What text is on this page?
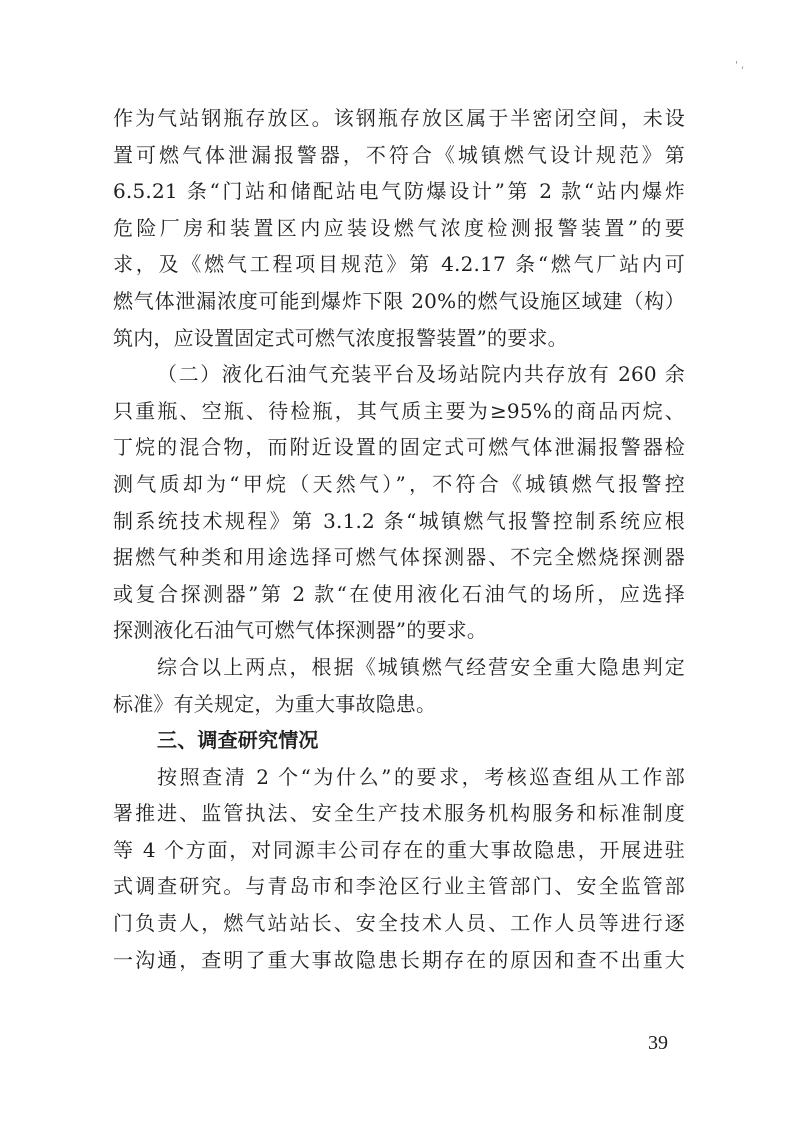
' ,
作为气站钢瓶存放区。该钢瓶存放区属于半密闭空间，未设
置可燃气体泄漏报警器，不符合《城镇燃气设计规范》第
6.5.21 条“门站和储配站电气防爆设计”第 2 款“站内爆炸
危险厂房和装置区内应装设燃气浓度检测报警装置”的要
求，及《燃气工程项目规范》第 4.2.17 条“燃气厂站内可
燃气体泄漏浓度可能到爆炸下限 20%的燃气设施区域建（构）
筑内，应设置固定式可燃气浓度报警装置”的要求。
（二）液化石油气充装平台及场站院内共存放有 260 余
只重瓶、空瓶、待检瓶，其气质主要为≥95%的商品丙烷、
丁烷的混合物，而附近设置的固定式可燃气体泄漏报警器检
测气质却为“甲烷（天然气）”，不符合《城镇燃气报警控
制系统技术规程》第 3.1.2 条“城镇燃气报警控制系统应根
据燃气种类和用途选择可燃气体探测器、不完全燃烧探测器
或复合探测器”第 2 款“在使用液化石油气的场所，应选择
探测液化石油气可燃气体探测器”的要求。
综合以上两点，根据《城镇燃气经营安全重大隐患判定
标准》有关规定，为重大事故隐患。
三、调查研究情况
按照查清 2 个“为什么”的要求，考核巡查组从工作部
署推进、监管执法、安全生产技术服务机构服务和标准制度
等 4 个方面，对同源丰公司存在的重大事故隐患，开展进驻
式调查研究。与青岛市和李沧区行业主管部门、安全监管部
门负责人，燃气站站长、安全技术人员、工作人员等进行逐
一沟通，查明了重大事故隐患长期存在的原因和查不出重大
39
